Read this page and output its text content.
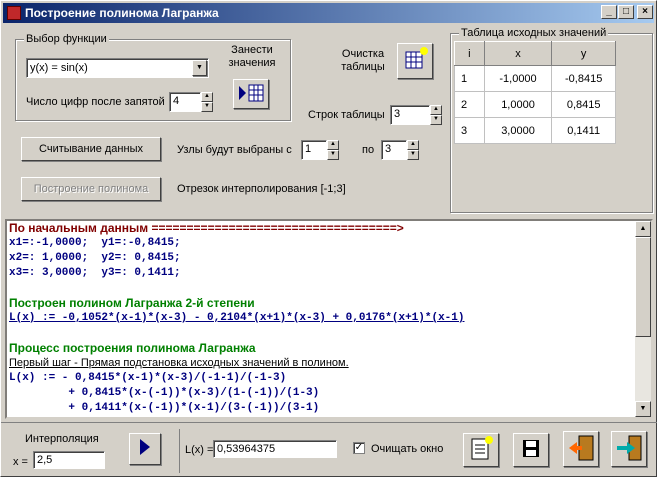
Построение полинома Лагранжа	_	□	×
Выбор функции
y(x) = sin(x)	▼
Число цифр после запятой 4	▲
▼
Занести значения
Очистка таблицы
Строк таблицы 3	▲
▼
Считывание данных
Построение полинома
Узлы будут выбраны с	1	▲
▼ по 3	▲
▼
Отрезок интерполирования [-1;3]
Таблица исходных значений
i	x	y
1	-1,0000	-0,8415
2	1,0000	0,8415
3	3,0000	0,1411
По начальным данным ===================================>
x1=:-1,0000;  y1=:-0,8415;
x2=: 1,0000;  y2=: 0,8415;
x3=: 3,0000;  y3=: 0,1411;
Построен полином Лагранжа 2-й степени
L(x) := -0,1052*(x-1)*(x-3) - 0,2104*(x+1)*(x-3) + 0,0176*(x+1)*(x-1)
Процесс построения полинома Лагранжа
Первый шаг - Прямая подстановка исходных значений в полином.
L(x) := - 0,8415*(x-1)*(x-3)/(-1-1)/(-1-3)
+ 0,8415*(x-(-1))*(x-3)/(1-(-1))/(1-3)
+ 0,1411*(x-(-1))*(x-1)/(3-(-1))/(3-1)
▲
▼
Интерполяция
x = 2,5
L(x) = 0,53964375	✓ Очищать окно
